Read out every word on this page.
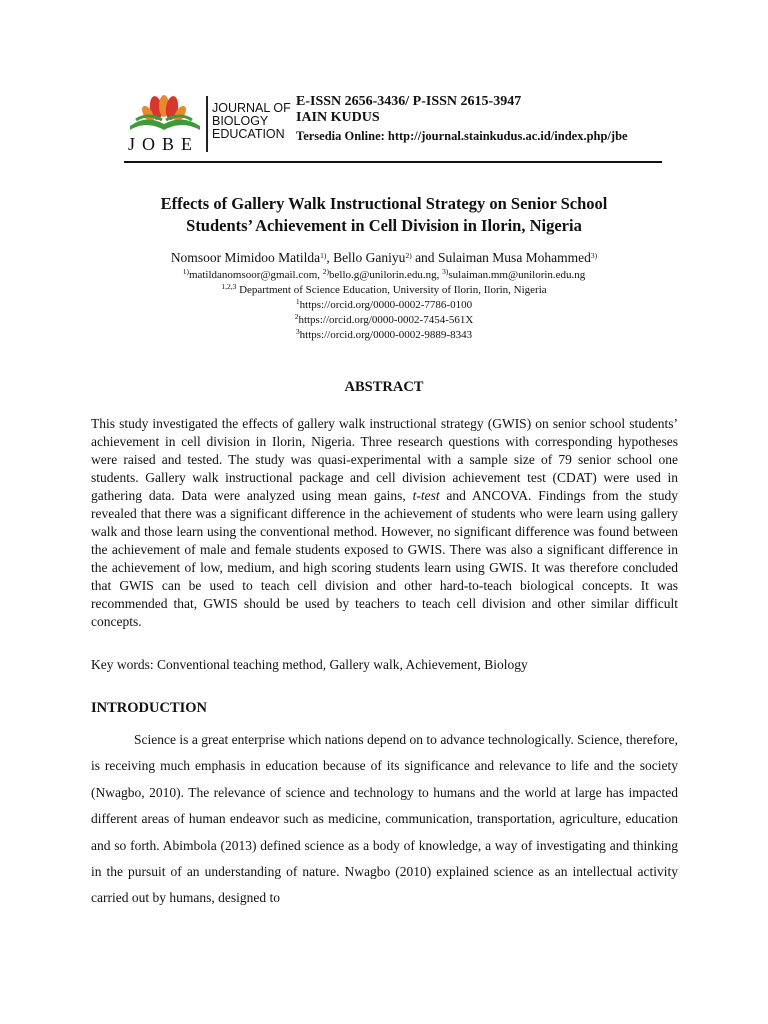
JOBE
JOURNAL OF
BIOLOGY
EDUCATION
E-ISSN 2656-3436/ P-ISSN 2615-3947
IAIN KUDUS
Tersedia Online: http://journal.stainkudus.ac.id/index.php/jbe
Effects of Gallery Walk Instructional Strategy on Senior School
Students’ Achievement in Cell Division in Ilorin, Nigeria
Nomsoor Mimidoo Matilda$^{1)}$, Bello Ganiyu$^{2)}$ and Sulaiman Musa Mohammed$^{3)}$
$^{1)}$matildanomsoor@gmail.com, $^{2)}$bello.g@unilorin.edu.ng, $^{3)}$sulaiman.mm@unilorin.edu.ng
$^{1,2,3}$ Department of Science Education, University of Ilorin, Ilorin, Nigeria
$^1$https://orcid.org/0000-0002-7786-0100
$^2$https://orcid.org/0000-0002-7454-561X
$^3$https://orcid.org/0000-0002-9889-8343
ABSTRACT
This study investigated the effects of gallery walk instructional strategy (GWIS) on senior school students’ achievement in cell division in Ilorin, Nigeria. Three research questions with corresponding hypotheses were raised and tested. The study was quasi-experimental with a sample size of 79 senior school one students. Gallery walk instructional package and cell division achievement test (CDAT) were used in gathering data. Data were analyzed using mean gains, t-test and ANCOVA. Findings from the study revealed that there was a significant difference in the achievement of students who were learn using gallery walk and those learn using the conventional method. However, no significant difference was found between the achievement of male and female students exposed to GWIS. There was also a significant difference in the achievement of low, medium, and high scoring students learn using GWIS. It was therefore concluded that GWIS can be used to teach cell division and other hard-to-teach biological concepts. It was recommended that, GWIS should be used by teachers to teach cell division and other similar difficult concepts.
Key words: Conventional teaching method, Gallery walk, Achievement, Biology
INTRODUCTION
Science is a great enterprise which nations depend on to advance technologically. Science, therefore, is receiving much emphasis in education because of its significance and relevance to life and the society (Nwagbo, 2010). The relevance of science and technology to humans and the world at large has impacted different areas of human endeavor such as medicine, communication, transportation, agriculture, education and so forth. Abimbola (2013) defined science as a body of knowledge, a way of investigating and thinking in the pursuit of an understanding of nature. Nwagbo (2010) explained science as an intellectual activity carried out by humans, designed to
